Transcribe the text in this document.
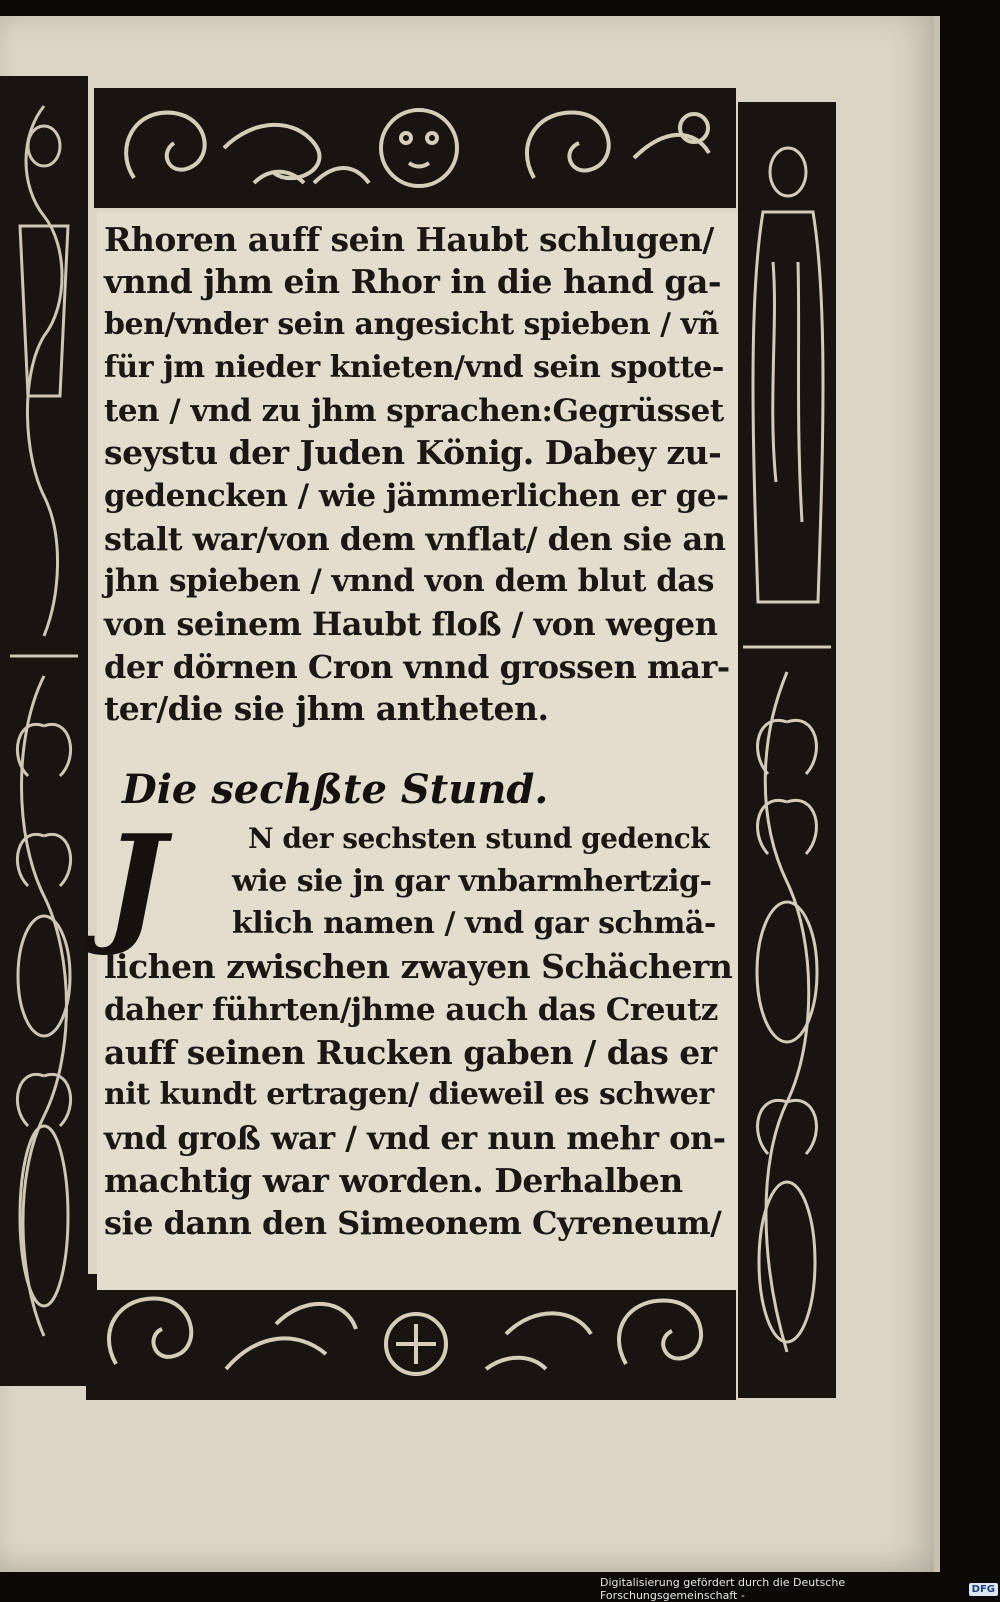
Rhoren auff sein Haubt schlugen/
vnnd jhm ein Rhor in die hand ga-
ben/vnder sein angesicht spieben / vñ
für jm nieder knieten/vnd sein spotte-
ten / vnd zu jhm sprachen:Gegrüsset
seystu der Juden König. Dabey zu-
gedencken / wie jämmerlichen er ge-
stalt war/von dem vnflat/ den sie an
jhn spieben / vnnd von dem blut das
von seinem Haubt floß / von wegen
der dörnen Cron vnnd grossen mar-
ter/die sie jhm antheten.
Die sechßte Stund.
J	N der sechsten stund gedenck
wie sie jn gar vnbarmhertzig-
klich namen / vnd gar schmä-
lichen zwischen zwayen Schächern
daher führten/jhme auch das Creutz
auff seinen Rucken gaben / das er
nit kundt ertragen/ dieweil es schwer
vnd groß war / vnd er nun mehr on-
machtig war worden. Derhalben
sie dann den Simeonem Cyreneum/
Digitalisierung gefördert durch die Deutsche Forschungsgemeinschaft -	DFG
